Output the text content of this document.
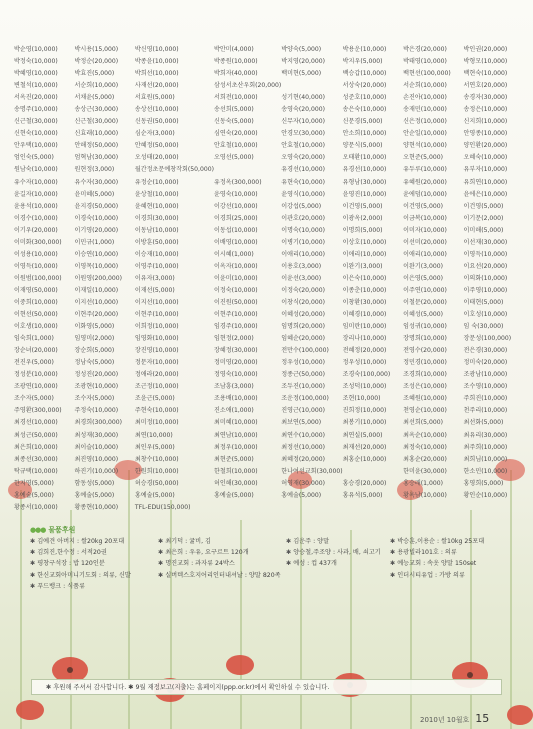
박순영(10,000)	박시용(15,000)	박신영(10,000)	박안미(4,000)	박양숙(5,000)	박용운(10,000)	박은경(20,000)	박인권(20,000)
박정숙(10,000)	박정순(20,000)	박종윤(10,000)	박종원(10,000)	박지영(20,000)	박지우(5,000)	박태영(10,000)	박형모(10,000)
박혜영(10,000)	박효진(5,000)	박희선(10,000)	박희자(40,000)	백미현(5,000)	백승갑(10,000)	백현선(100,000)	백현숙(10,000)
변철석(10,000)	서순희(10,000)	사재선(20,000)	삼성서초산우회(20,000)	서상숙(20,000)	서순희(10,000)	서연호(20,000)
서옥진(20,000)	서채윤(5,000)	서효원(5,000)	서희전(10,000)	성기현(40,000)	성준호(10,000)	손진아(10,000)	송경자(30,000)
송명주(10,000)	송상근(30,000)	송상선(10,000)	송선희(5,000)	송영숙(20,000)	송은숙(10,000)	송재민(10,000)	송정은(10,000)
신근철(30,000)	신근철(30,000)	신동권(50,000)	신동숙(5,000)	신무자(10,000)	신문경(5,000)	신은정(10,000)	신지희(10,000)
신현숙(10,000)	신효래(10,000)	심순자(3,000)	심연숙(20,000)	안경모(30,000)	안소희(10,000)	안순일(10,000)	안영종(10,000)
안우택(10,000)	안해정(50,000)	안혜정(50,000)	안효철(10,000)	안효철(10,000)	양문식(5,000)	양현석(10,000)	양인환(20,000)
엄인숙(5,000)	엄혁남(30,000)	오성태(20,000)	오영선(5,000)	오영숙(20,000)	오태환(10,000)	오현준(5,000)	오혜숙(10,000)
원남숙(10,000)	원현정(3,000)	월간정초문예창작회(50,000)	유경선(10,000)	유경선(10,000)	유두루(10,000)	유부자(10,000)
유수자(10,000)	유수자(30,000)	유정순(10,000)	유정옥(300,000)	유현숙(10,000)	유형남(30,000)	유혜원(20,000)	유희연(10,000)
윤길자(10,000)	윤미혜(5,000)	윤상철(10,000)	윤영숙(10,000)	윤영식(10,000)	윤영진(10,000)	윤에덤(10,000)	윤에은(10,000)
윤용석(10,000)	윤지경(50,000)	윤혜현(10,000)	이강선(10,000)	이강섭(5,000)	이건영(5,000)	이건영(5,000)	이건영(5,000)
이경수(10,000)	이경숙(10,000)	이경희(30,000)	이경희(25,000)	이관호(20,000)	이광옥(2,000)	이금복(10,000)	이기문(2,000)
이기우(20,000)	이기영(20,000)	이동남(10,000)	이동섭(10,000)	이명숙(10,000)	이명희(5,000)	이미자(10,000)	이미해(5,000)
이미화(300,000)	이민규(1,000)	이방훈(50,000)	이배영(10,000)	이병기(10,000)	이상호(10,000)	이선미(20,000)	이선재(30,000)
이성용(10,000)	이승연(10,000)	이승재(10,000)	이시혜(1,000)	이애리(10,000)	이애리(10,000)	이애리(10,000)	이영득(10,000)
이영득(10,000)	이영목(10,000)	이영주(10,000)	이옥자(10,000)	이용호(3,000)	이완기(3,000)	이완기(3,000)	이요선(20,000)
이원범(100,000)	이원영(200,000)	이유자(3,000)	이윤미(10,000)	이윤선(3,000)	이은숙(10,000)	이은영(5,000)	이의화(10,000)
이재영(50,000)	이재일(10,000)	이재선(5,000)	이정숙(10,000)	이정숙(20,000)	이종춘(10,000)	이주연(10,000)	이주영(10,000)
이중희(10,000)	이지선(10,000)	이지선(10,000)	이진원(50,000)	이창식(20,000)	이창환(30,000)	이철문(20,000)	이태현(5,000)
이현선(50,000)	이현주(20,000)	이현주(10,000)	이현주(10,000)	이혜성(20,000)	이혜경(10,000)	이혜성(5,000)	이호성(10,000)
이호생(10,000)	이화영(5,000)	이희정(10,000)	임경주(10,000)	임명희(20,000)	임미란(10,000)	임성귀(10,000)	임 숙(30,000)
임숙희(1,000)	임영미(2,000)	임영화(10,000)	임현정(2,000)	임혜순(20,000)	장리나(10,000)	장명희(10,000)	장문성(100,000)
장순녀(20,000)	장순희(5,000)	장진영(10,000)	장혜정(30,000)	전만수(100,000)	전혜정(20,000)	전영수(20,000)	전은경(30,000)
전진우(5,000)	정남숙(5,000)	정문자(10,000)	정미영(20,000)	정우성(10,000)	정우성(10,000)	정민경(10,000)	정미숙(20,000)
정성분(10,000)	정성진(20,000)	정애라(20,000)	정영숙(10,000)	정종근(50,000)	조경숙(100,000)	조경희(10,000)	조광남(10,000)
조광연(10,000)	조광현(10,000)	조근정(10,000)	조남흥(3,000)	조두진(10,000)	조성덕(10,000)	조성은(10,000)	조수영(10,000)
조수자(5,000)	조수자(5,000)	조윤근(5,000)	조용배(10,000)	조운정(100,000)	조현(10,000)	조혜원(10,000)	주희진(10,000)
주영환(300,000)	주정숙(10,000)	주현숙(10,000)	진소애(1,000)	진영근(10,000)	진희정(10,000)	천영순(10,000)	천주리(10,000)
최경선(10,000)	최경희(300,000)	최미정(10,000)	최미혜(10,000)	최보연(5,000)	최봉기(10,000)	최선희(5,000)	최선화(5,000)
최성근(50,000)	최성재(30,000)	최연(10,000)	최연남(10,000)	최연수(10,000)	최연실(5,000)	최옥순(10,000)	최유리(30,000)
최은희(10,000)	최이슬(10,000)	최인우(5,000)	최정우(10,000)	최정선(10,000)	최재선(20,000)	최정숙(10,000)	최주희(10,000)
최종선(30,000)	최진영(10,000)	최창수(10,000)	최현준(5,000)	최혜정(20,000)	최홍순(10,000)	최홍순(20,000)	최희님(10,000)
탁규택(10,000)	하진기(10,000)	한원희(10,000)	한철희(10,000)	한나여선교회(30,000)	한미윤(30,000)	한소민(10,000)
한지영(5,000)	함동성(5,000)	허승경(50,000)	허인해(30,000)	허영재(30,000)	홍승경(20,000)	홍승래(1,000)	홍영희(5,000)
홍예술(5,000)	홍예술(5,000)	홍예술(5,000)	홍예술(5,000)	홍예술(5,000)	홍유석(5,000)	황옥남(10,000)	황인순(10,000)
황종서(10,000)	황종현(10,000)	TFL-EDU(150,000)
●●● 물품후원
✱ 김예견 아버지 : 쌀20kg 20포대	✱ 최기덕 : 귤비, 김	✱ 김운주 : 양말	✱ 박승훈,이용순 : 쌀10kg 25포대
✱ 김희진,한수정 : 서적20권	✱ 최은희 : 우유, 요구르트 120개	✱ 양승철,주조양 : 사과, 배, 쇠고기	✱ 용광빌라101호 : 의류
✱ 평창구석장 : 밥 120인분	✱ 명진교회 : 과자류 24박스	✱ 예성 : 컵 437개	✱ 예능교회 : 속옷 양말 150set
✱ 한신교회아미니기도회 : 의류, 신발	✱ 실버텍스호지어리인터내셔날 : 양말 820족	✱ 인더시티유업 : 가방 의류
✱ 푸드뱅크 : 식품류
✱ 후원해 주셔서 감사합니다. ✱ 9월 재정보고(지출)는 홈페이지(ppp.or.kr)에서 확인하실 수 있습니다.
2010년 10월호 15
